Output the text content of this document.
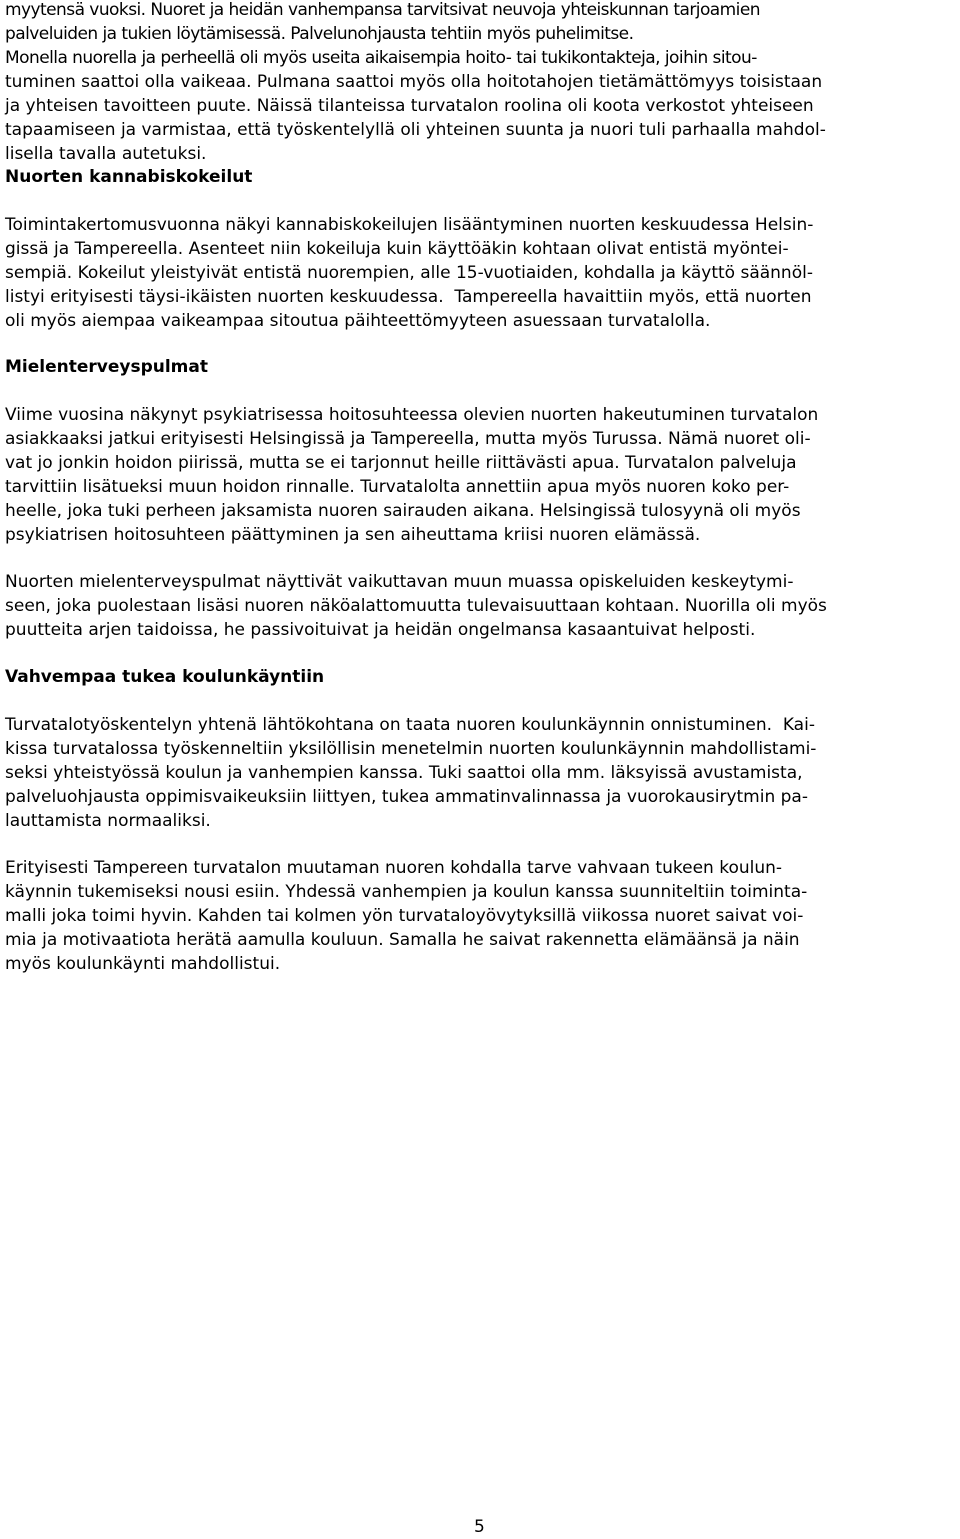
myytensä vuoksi. Nuoret ja heidän vanhempansa tarvitsivat neuvoja yhteiskunnan tarjoamien
palveluiden ja tukien löytämisessä. Palvelunohjausta tehtiin myös puhelimitse.
Monella nuorella ja perheellä oli myös useita aikaisempia hoito- tai tukikontakteja, joihin sitou-
tuminen saattoi olla vaikeaa. Pulmana saattoi myös olla hoitotahojen tietämättömyys toisistaan
ja yhteisen tavoitteen puute. Näissä tilanteissa turvatalon roolina oli koota verkostot yhteiseen
tapaamiseen ja varmistaa, että työskentelyllä oli yhteinen suunta ja nuori tuli parhaalla mahdol-
lisella tavalla autetuksi.
Nuorten kannabiskokeilut
Toimintakertomusvuonna näkyi kannabiskokeilujen lisääntyminen nuorten keskuudessa Helsin-
gissä ja Tampereella. Asenteet niin kokeiluja kuin käyttöäkin kohtaan olivat entistä myöntei-
sempiä. Kokeilut yleistyivät entistä nuorempien, alle 15-vuotiaiden, kohdalla ja käyttö säännöl-
listyi erityisesti täysi-ikäisten nuorten keskuudessa.  Tampereella havaittiin myös, että nuorten
oli myös aiempaa vaikeampaa sitoutua päihteettömyyteen asuessaan turvatalolla.
Mielenterveyspulmat
Viime vuosina näkynyt psykiatrisessa hoitosuhteessa olevien nuorten hakeutuminen turvatalon
asiakkaaksi jatkui erityisesti Helsingissä ja Tampereella, mutta myös Turussa. Nämä nuoret oli-
vat jo jonkin hoidon piirissä, mutta se ei tarjonnut heille riittävästi apua. Turvatalon palveluja
tarvittiin lisätueksi muun hoidon rinnalle. Turvatalolta annettiin apua myös nuoren koko per-
heelle, joka tuki perheen jaksamista nuoren sairauden aikana. Helsingissä tulosyynä oli myös
psykiatrisen hoitosuhteen päättyminen ja sen aiheuttama kriisi nuoren elämässä.
Nuorten mielenterveyspulmat näyttivät vaikuttavan muun muassa opiskeluiden keskeytymi-
seen, joka puolestaan lisäsi nuoren näköalattomuutta tulevaisuuttaan kohtaan. Nuorilla oli myös
puutteita arjen taidoissa, he passivoituivat ja heidän ongelmansa kasaantuivat helposti.
Vahvempaa tukea koulunkäyntiin
Turvatalotyöskentelyn yhtenä lähtökohtana on taata nuoren koulunkäynnin onnistuminen.  Kai-
kissa turvatalossa työskenneltiin yksilöllisin menetelmin nuorten koulunkäynnin mahdollistami-
seksi yhteistyössä koulun ja vanhempien kanssa. Tuki saattoi olla mm. läksyissä avustamista,
palveluohjausta oppimisvaikeuksiin liittyen, tukea ammatinvalinnassa ja vuorokausirytmin pa-
lauttamista normaaliksi.
Erityisesti Tampereen turvatalon muutaman nuoren kohdalla tarve vahvaan tukeen koulun-
käynnin tukemiseksi nousi esiin. Yhdessä vanhempien ja koulun kanssa suunniteltiin toiminta-
malli joka toimi hyvin. Kahden tai kolmen yön turvataloyövytyksillä viikossa nuoret saivat voi-
mia ja motivaatiota herätä aamulla kouluun. Samalla he saivat rakennetta elämäänsä ja näin
myös koulunkäynti mahdollistui.
5
